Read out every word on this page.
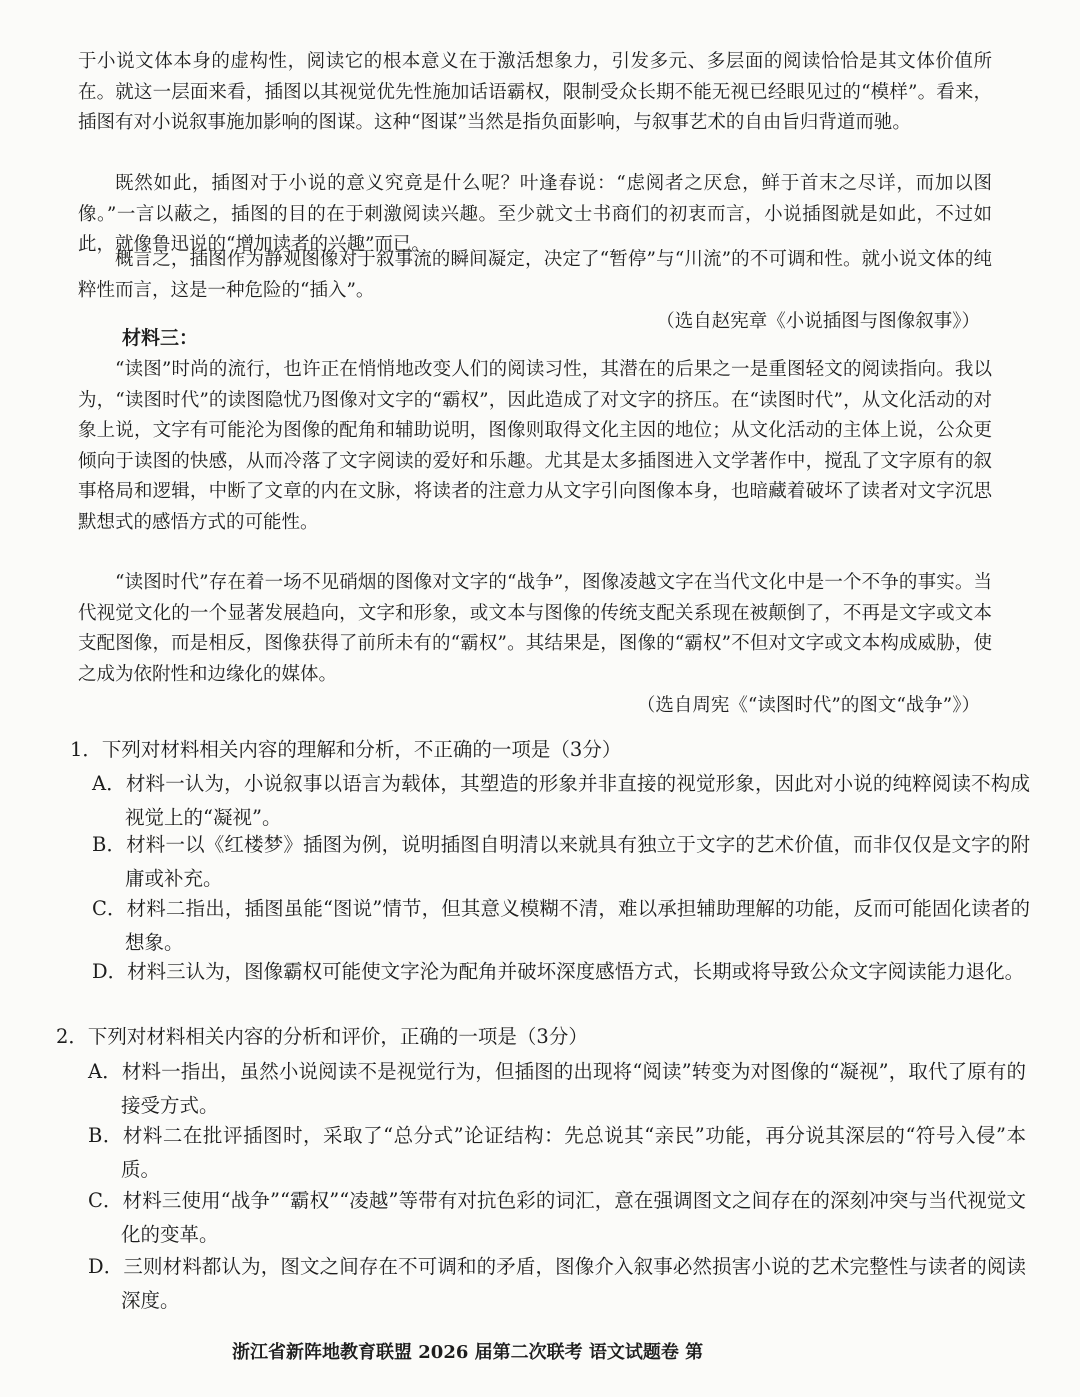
于小说文体本身的虚构性，阅读它的根本意义在于激活想象力，引发多元、多层面的阅读恰恰是其文体价值所在。就这一层面来看，插图以其视觉优先性施加话语霸权，限制受众长期不能无视已经眼见过的“模样”。看来，插图有对小说叙事施加影响的图谋。这种“图谋”当然是指负面影响，与叙事艺术的自由旨归背道而驰。

既然如此，插图对于小说的意义究竟是什么呢？叶逢春说：“虑阅者之厌怠，鲜于首末之尽详，而加以图像。”一言以蔽之，插图的目的在于刺激阅读兴趣。至少就文士书商们的初衷而言，小说插图就是如此，不过如此，就像鲁迅说的“增加读者的兴趣”而已。

概言之，插图作为静观图像对于叙事流的瞬间凝定，决定了“暂停”与“川流”的不可调和性。就小说文体的纯粹性而言，这是一种危险的“插入”。

（选自赵宪章《小说插图与图像叙事》）
材料三：

“读图”时尚的流行，也许正在悄悄地改变人们的阅读习性，其潜在的后果之一是重图轻文的阅读指向。我以为，“读图时代”的读图隐忧乃图像对文字的“霸权”，因此造成了对文字的挤压。在“读图时代”，从文化活动的对象上说，文字有可能沦为图像的配角和辅助说明，图像则取得文化主因的地位；从文化活动的主体上说，公众更倾向于读图的快感，从而冷落了文字阅读的爱好和乐趣。尤其是太多插图进入文学著作中，搅乱了文字原有的叙事格局和逻辑，中断了文章的内在文脉，将读者的注意力从文字引向图像本身，也暗藏着破坏了读者对文字沉思默想式的感悟方式的可能性。

“读图时代”存在着一场不见硝烟的图像对文字的“战争”，图像凌越文字在当代文化中是一个不争的事实。当代视觉文化的一个显著发展趋向，文字和形象，或文本与图像的传统支配关系现在被颠倒了，不再是文字或文本支配图像，而是相反，图像获得了前所未有的“霸权”。其结果是，图像的“霸权”不但对文字或文本构成威胁，使之成为依附性和边缘化的媒体。

（选自周宪《“读图时代”的图文“战争”》）
1．下列对材料相关内容的理解和分析，不正确的一项是（3分）

A．材料一认为，小说叙事以语言为载体，其塑造的形象并非直接的视觉形象，因此对小说的纯粹阅读不构成视觉上的“凝视”。

B．材料一以《红楼梦》插图为例，说明插图自明清以来就具有独立于文字的艺术价值，而非仅仅是文字的附庸或补充。

C．材料二指出，插图虽能“图说”情节，但其意义模糊不清，难以承担辅助理解的功能，反而可能固化读者的想象。

D．材料三认为，图像霸权可能使文字沦为配角并破坏深度感悟方式，长期或将导致公众文字阅读能力退化。

2．下列对材料相关内容的分析和评价，正确的一项是（3分）

A．材料一指出，虽然小说阅读不是视觉行为，但插图的出现将“阅读”转变为对图像的“凝视”，取代了原有的接受方式。

B．材料二在批评插图时，采取了“总分式”论证结构：先总说其“亲民”功能，再分说其深层的“符号入侵”本质。

C．材料三使用“战争”“霸权”“凌越”等带有对抗色彩的词汇，意在强调图文之间存在的深刻冲突与当代视觉文化的变革。

D．三则材料都认为，图文之间存在不可调和的矛盾，图像介入叙事必然损害小说的艺术完整性与读者的阅读深度。

浙江省新阵地教育联盟 2026 届第二次联考 语文试题卷 第
